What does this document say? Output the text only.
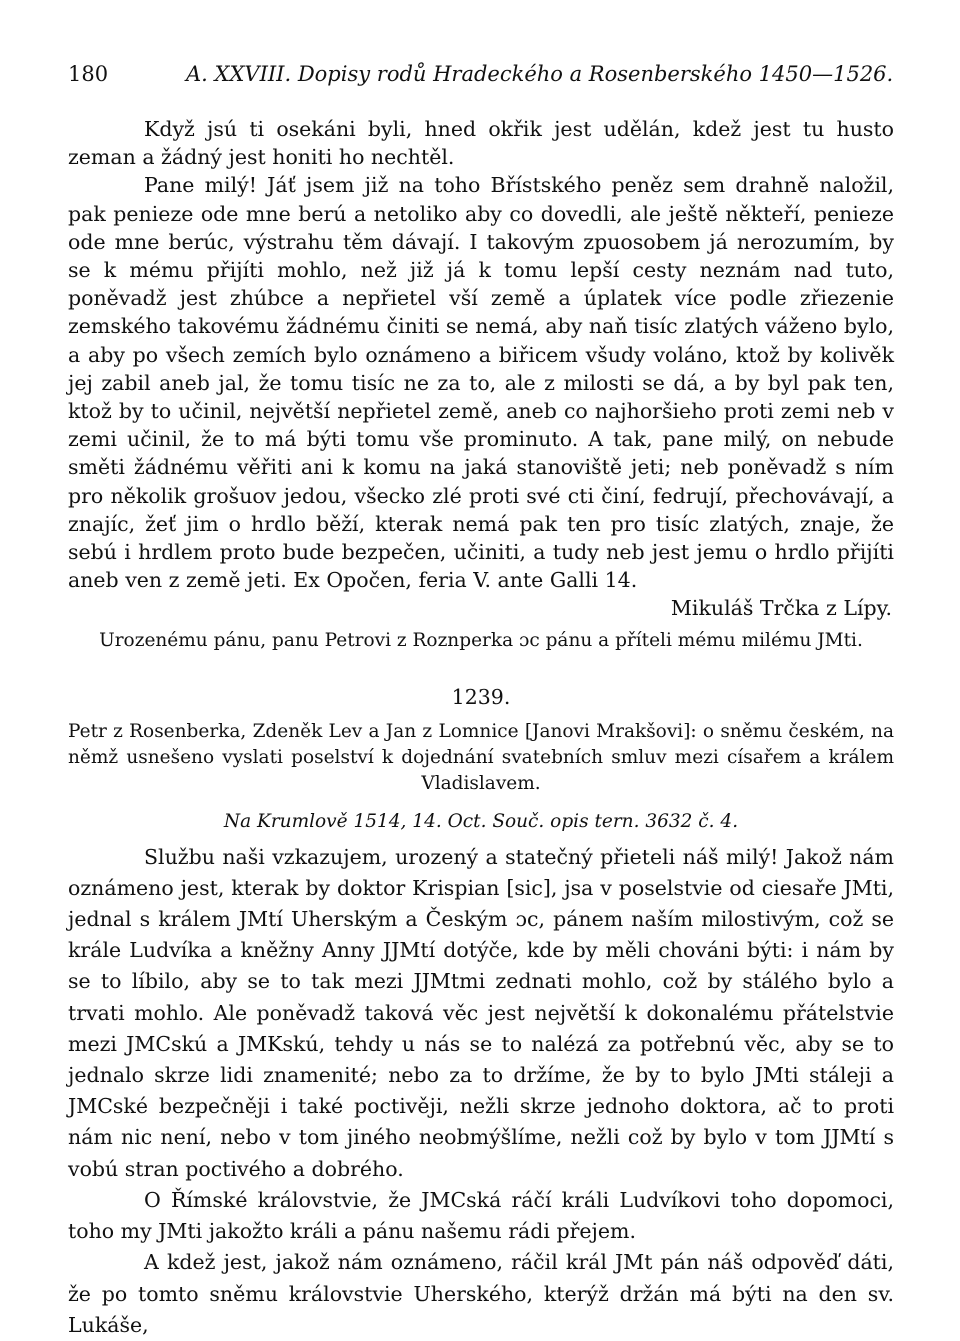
180	A. XXVIII. Dopisy rodů Hradeckého a Rosenberského 1450—1526.

Když jsú ti osekáni byli, hned okřik jest udělán, kdež jest tu husto zeman a žádný jest honiti ho nechtěl.

Pane milý! Jáť jsem již na toho Břístského peněz sem drahně naložil, pak penieze ode mne berú a netoliko aby co dovedli, ale ještě někteří, penieze ode mne berúc, výstrahu těm dávají. I takovým zpuosobem já nerozumím, by se k mému přijíti mohlo, než již já k tomu lepší cesty neznám nad tuto, poněvadž jest zhúbce a nepřietel vší země a úplatek více podle zřiezenie zemského takovému žádnému činiti se nemá, aby naň tisíc zlatých váženo bylo, a aby po všech zemích bylo oznámeno a biřicem všudy voláno, ktož by kolivěk jej zabil aneb jal, že tomu tisíc ne za to, ale z milosti se dá, a by byl pak ten, ktož by to učinil, největší nepřietel země, aneb co najhoršieho proti zemi neb v zemi učinil, že to má býti tomu vše prominuto. A tak, pane milý, on nebude směti žádnému věřiti ani k komu na jaká stanoviště jeti; neb poněvadž s ním pro několik grošuov jedou, všecko zlé proti své cti činí, fedrují, přechovávají, a znajíc, žeť jim o hrdlo běží, kterak nemá pak ten pro tisíc zlatých, znaje, že sebú i hrdlem proto bude bezpečen, učiniti, a tudy neb jest jemu o hrdlo přijíti aneb ven z země jeti. Ex Opočen, feria V. ante Galli 14.

Mikuláš Trčka z Lípy.
Urozenému pánu, panu Petrovi z Roznperka ɔc pánu a příteli mému milému JMti.
1239.
Petr z Rosenberka, Zdeněk Lev a Jan z Lomnice [Janovi Mrakšovi]: o sněmu českém, na němž usnešeno vyslati poselství k dojednání svatebních smluv mezi císařem a králem Vladislavem.
Na Krumlově 1514, 14. Oct. Souč. opis tern. 3632 č. 4.

Službu naši vzkazujem, urozený a statečný přieteli náš milý! Jakož nám oznámeno jest, kterak by doktor Krispian [sic], jsa v poselstvie od ciesaře JMti, jednal s králem JMtí Uherským a Českým ɔc, pánem naším milostivým, což se krále Ludvíka a kněžny Anny JJMtí dotýče, kde by měli chováni býti: i nám by se to líbilo, aby se to tak mezi JJMtmi zednati mohlo, což by stálého bylo a trvati mohlo. Ale poněvadž taková věc jest největší k dokonalému přátelstvie mezi JMCskú a JMKskú, tehdy u nás se to nalézá za potřebnú věc, aby se to jednalo skrze lidi znamenité; nebo za to držíme, že by to bylo JMti stáleji a JMCské bezpečněji i také poctivěji, nežli skrze jednoho doktora, ač to proti nám nic není, nebo v tom jiného neobmýšlíme, nežli což by bylo v tom JJMtí s vobú stran poctivého a dobrého.

O Římské královstvie, že JMCská ráčí králi Ludvíkovi toho dopomoci, toho my JMti jakožto králi a pánu našemu rádi přejem.

A kdež jest, jakož nám oznámeno, ráčil král JMt pán náš odpověď dáti, že po tomto sněmu královstvie Uherského, kterýž držán má býti na den sv. Lukáše,
